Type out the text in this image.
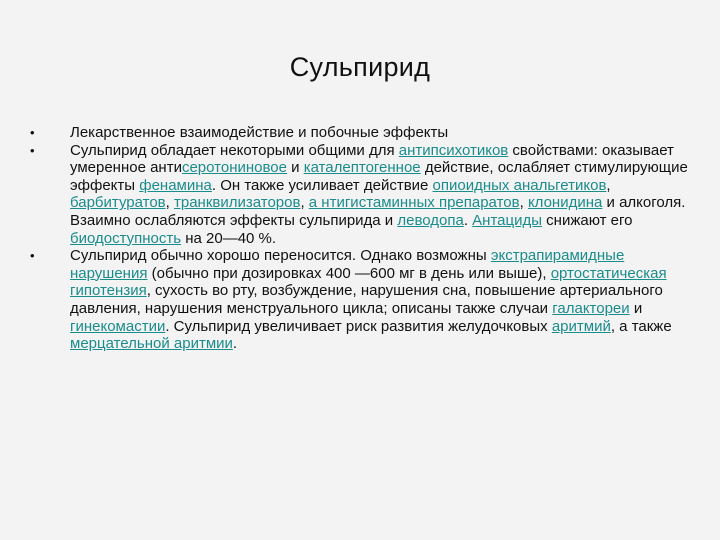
Сульпирид
• Лекарственное взаимодействие и побочные эффекты
• Сульпирид обладает некоторыми общими для антипсихотиков свойствами: оказывает умеренное антисеротониновое и каталептогенное действие, ослабляет стимулирующие эффекты фенамина. Он также усиливает действие опиоидных анальгетиков, барбитуратов, транквилизаторов, а нтигистаминных препаратов, клонидина и алкоголя. Взаимно ослабляются эффекты сульпирида и леводопа. Антациды снижают его биодоступность на 20—40 %.
• Сульпирид обычно хорошо переносится. Однако возможны экстрапирамидные нарушения (обычно при дозировках 400 —600 мг в день или выше), ортостатическая гипотензия, сухость во рту, возбуждение, нарушения сна, повышение артериального давления, нарушения менструального цикла; описаны также случаи галактореи и гинекомастии. Сульпирид увеличивает риск развития желудочковых аритмий, а также мерцательной аритмии.
